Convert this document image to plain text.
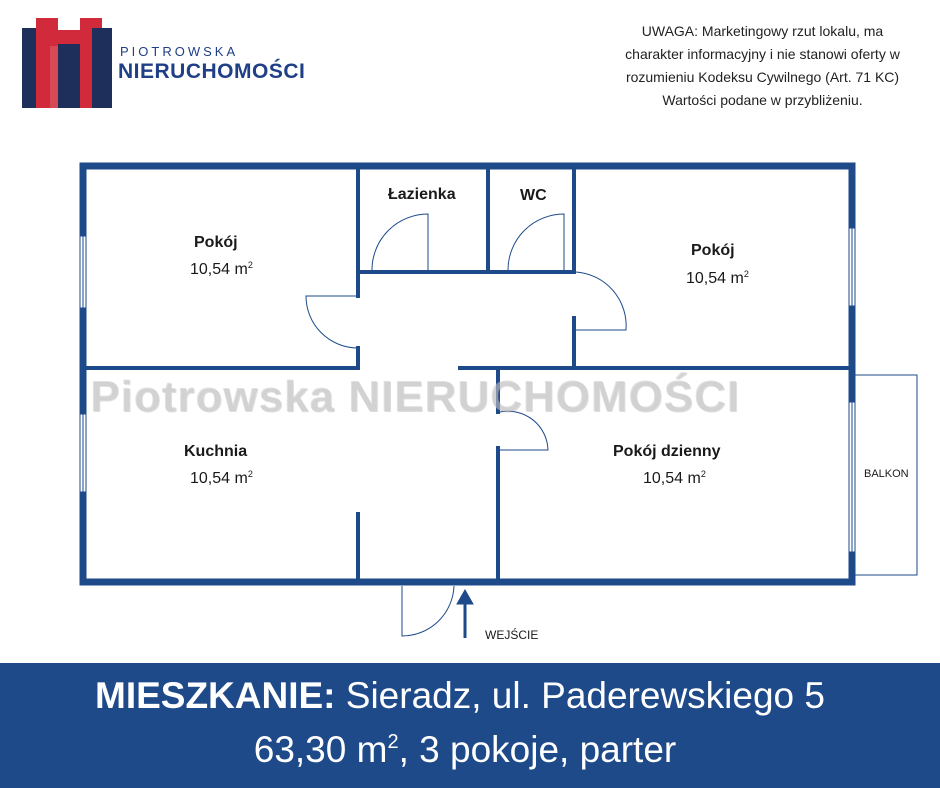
PIOTROWSKA
NIERUCHOMOŚCI
UWAGA: Marketingowy rzut lokalu, ma
charakter informacyjny i nie stanowi oferty w
rozumieniu Kodeksu Cywilnego (Art. 71 KC)
Wartości podane w przybliżeniu.
Piotrowska NIERUCHOMOŚCI
Pokój
10,54 $m^2$
Łazienka	WC
Pokój
10,54 $m^2$
Kuchnia
10,54 $m^2$
Pokój dzienny
10,54 $m^2$	BALKON
WEJŚCIE
MIESZKANIE: Sieradz, ul. Paderewskiego 5
63,30 $m^2$, 3 pokoje, parter
